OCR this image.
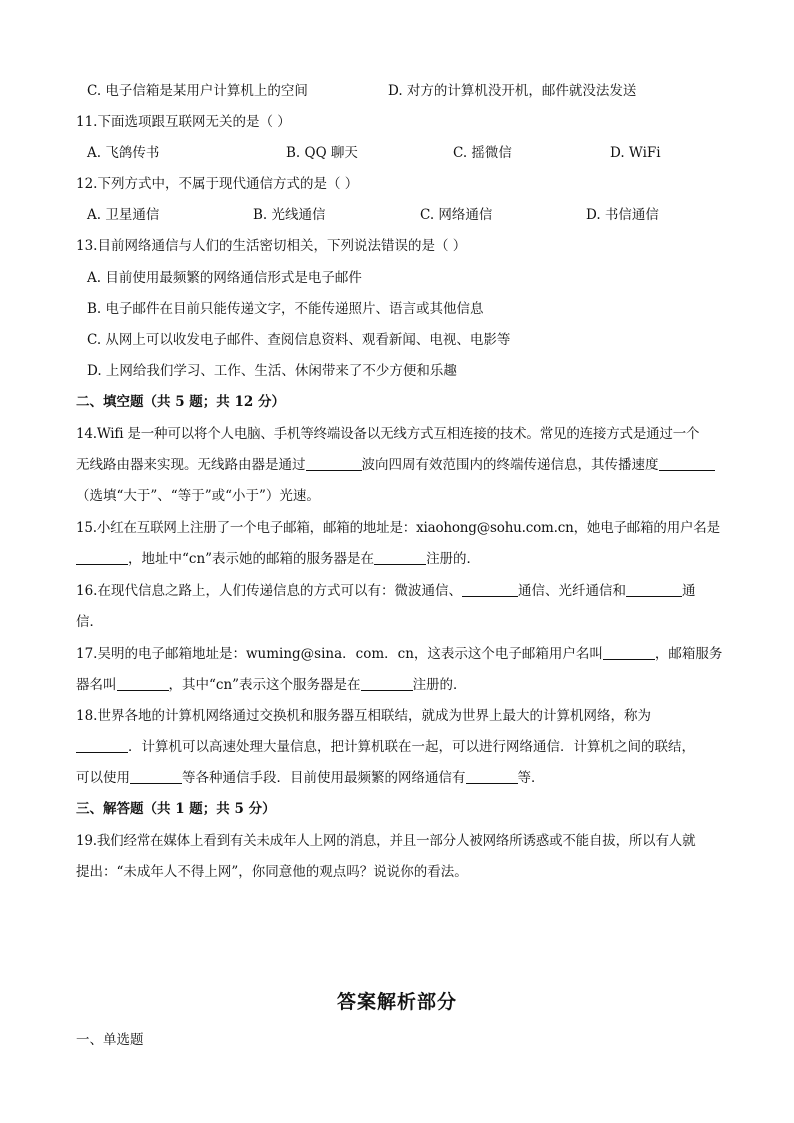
C. 电子信箱是某用户计算机上的空间	D. 对方的计算机没开机，邮件就没法发送
11.下面选项跟互联网无关的是（ ）
A. 飞鸽传书	B. QQ 聊天	C. 摇微信	D. WiFi
12.下列方式中，不属于现代通信方式的是（ ）
A. 卫星通信	B. 光线通信	C. 网络通信	D. 书信通信
13.目前网络通信与人们的生活密切相关，下列说法错误的是（ ）
A. 目前使用最频繁的网络通信形式是电子邮件
B. 电子邮件在目前只能传递文字，不能传递照片、语言或其他信息
C. 从网上可以收发电子邮件、查阅信息资料、观看新闻、电视、电影等
D. 上网给我们学习、工作、生活、休闲带来了不少方便和乐趣
二、填空题（共 5 题；共 12 分）
14.Wifi 是一种可以将个人电脑、手机等终端设备以无线方式互相连接的技术。常见的连接方式是通过一个
无线路由器来实现。无线路由器是通过	波向四周有效范围内的终端传递信息，其传播速度
（选填“大于”、“等于”或“小于”）光速。
15.小红在互联网上注册了一个电子邮箱，邮箱的地址是：xiaohong@sohu.com.cn，她电子邮箱的用户名是
，地址中“cn”表示她的邮箱的服务器是在	注册的．
16.在现代信息之路上，人们传递信息的方式可以有：微波通信、	通信、光纤通信和	通
信．
17.吴明的电子邮箱地址是：wuming@sina．com．cn，这表示这个电子邮箱用户名叫	，邮箱服务
器名叫	，其中“cn”表示这个服务器是在	注册的．
18.世界各地的计算机网络通过交换机和服务器互相联结，就成为世界上最大的计算机网络，称为
．计算机可以高速处理大量信息，把计算机联在一起，可以进行网络通信．计算机之间的联结，
可以使用	等各种通信手段．目前使用最频繁的网络通信有	等．
三、解答题（共 1 题；共 5 分）
19.我们经常在媒体上看到有关未成年人上网的消息，并且一部分人被网络所诱惑或不能自拔，所以有人就
提出：“未成年人不得上网”，你同意他的观点吗？说说你的看法。
答案解析部分
一、单选题
